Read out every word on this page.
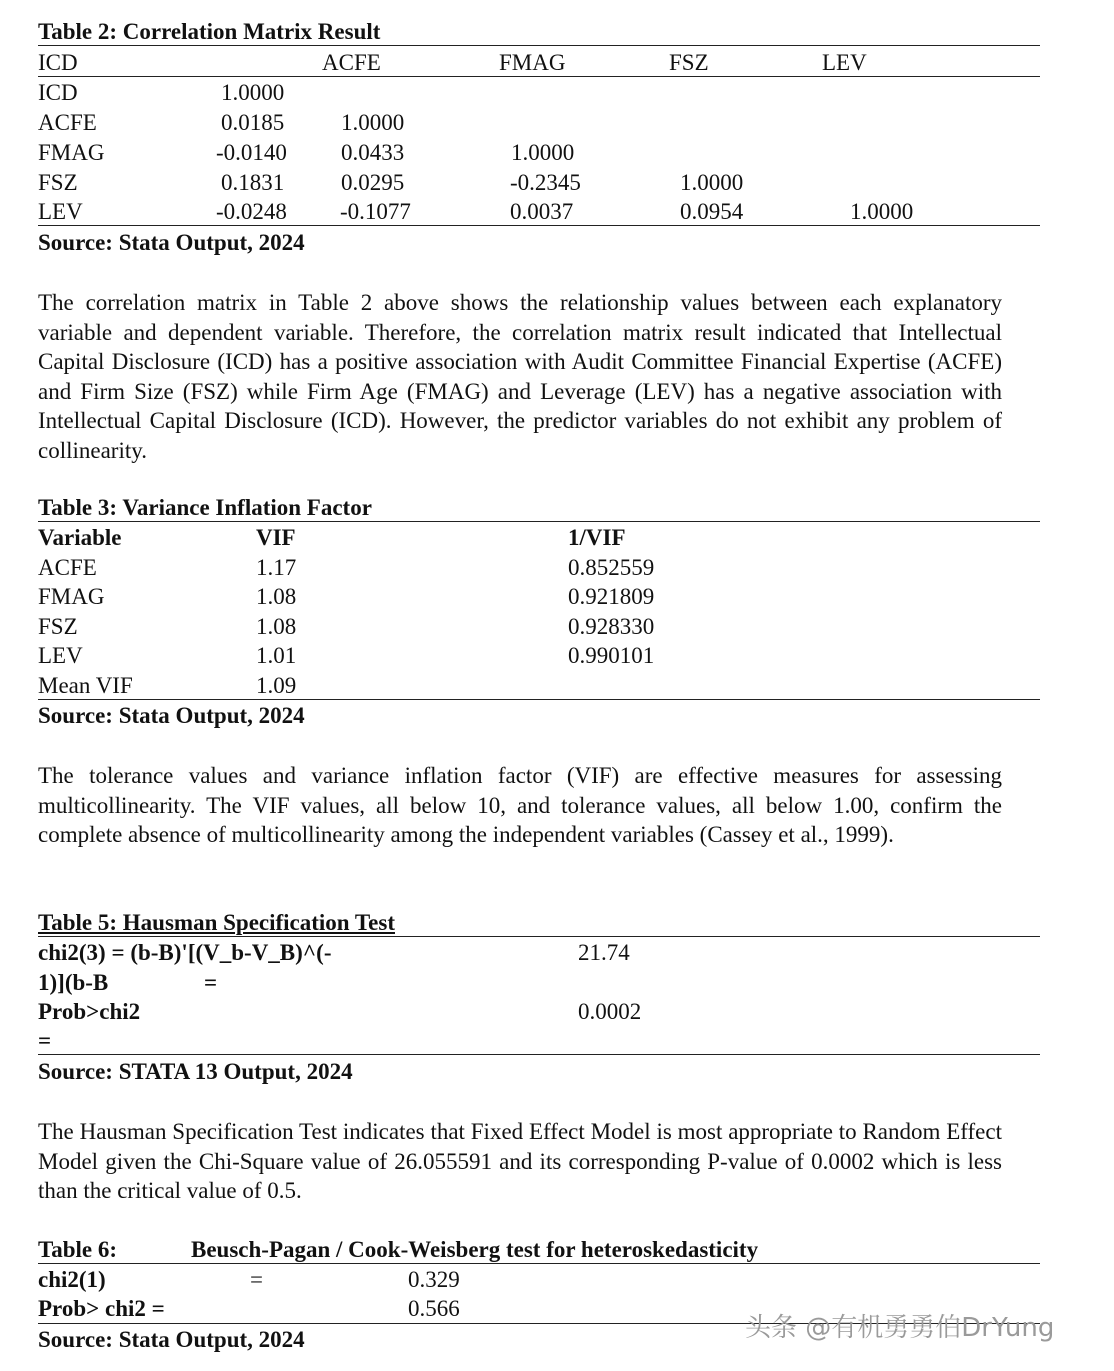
Table 2: Correlation Matrix Result
ICD	ACFE	FMAG	FSZ	LEV
ICD	1.0000
ACFE	0.0185 1.0000
FMAG	-0.0140 0.0433	1.0000
FSZ	0.1831 0.0295	-0.2345	1.0000
LEV	-0.0248 -0.1077	0.0037	0.0954	1.0000
Source: Stata Output, 2024

The correlation matrix in Table 2 above shows the relationship values between each explanatory variable and dependent variable. Therefore, the correlation matrix result indicated that Intellectual Capital Disclosure (ICD) has a positive association with Audit Committee Financial Expertise (ACFE) and Firm Size (FSZ) while Firm Age (FMAG) and Leverage (LEV) has a negative association with Intellectual Capital Disclosure (ICD). However, the predictor variables do not exhibit any problem of collinearity.

Table 3: Variance Inflation Factor
Variable	VIF	1/VIF
ACFE	1.17	0.852559
FMAG	1.08	0.921809
FSZ	1.08	0.928330
LEV	1.01	0.990101
Mean VIF	1.09
Source: Stata Output, 2024

The tolerance values and variance inflation factor (VIF) are effective measures for assessing multicollinearity. The VIF values, all below 10, and tolerance values, all below 1.00, confirm the complete absence of multicollinearity among the independent variables (Cassey et al., 1999).

Table 5: Hausman Specification Test
chi2(3) = (b-B)'[(V_b-V_B)^(-	21.74
1)](b-B	=
Prob>chi2	0.0002
=
Source: STATA 13 Output, 2024

The Hausman Specification Test indicates that Fixed Effect Model is most appropriate to Random Effect Model given the Chi-Square value of 26.055591 and its corresponding P-value of 0.0002 which is less than the critical value of 0.5.

Table 6:	Beusch-Pagan / Cook-Weisberg test for heteroskedasticity
chi2(1)	=	0.329
Prob> chi2 =	0.566
Source: Stata Output, 2024	头条 @有机勇勇伯DrYung
